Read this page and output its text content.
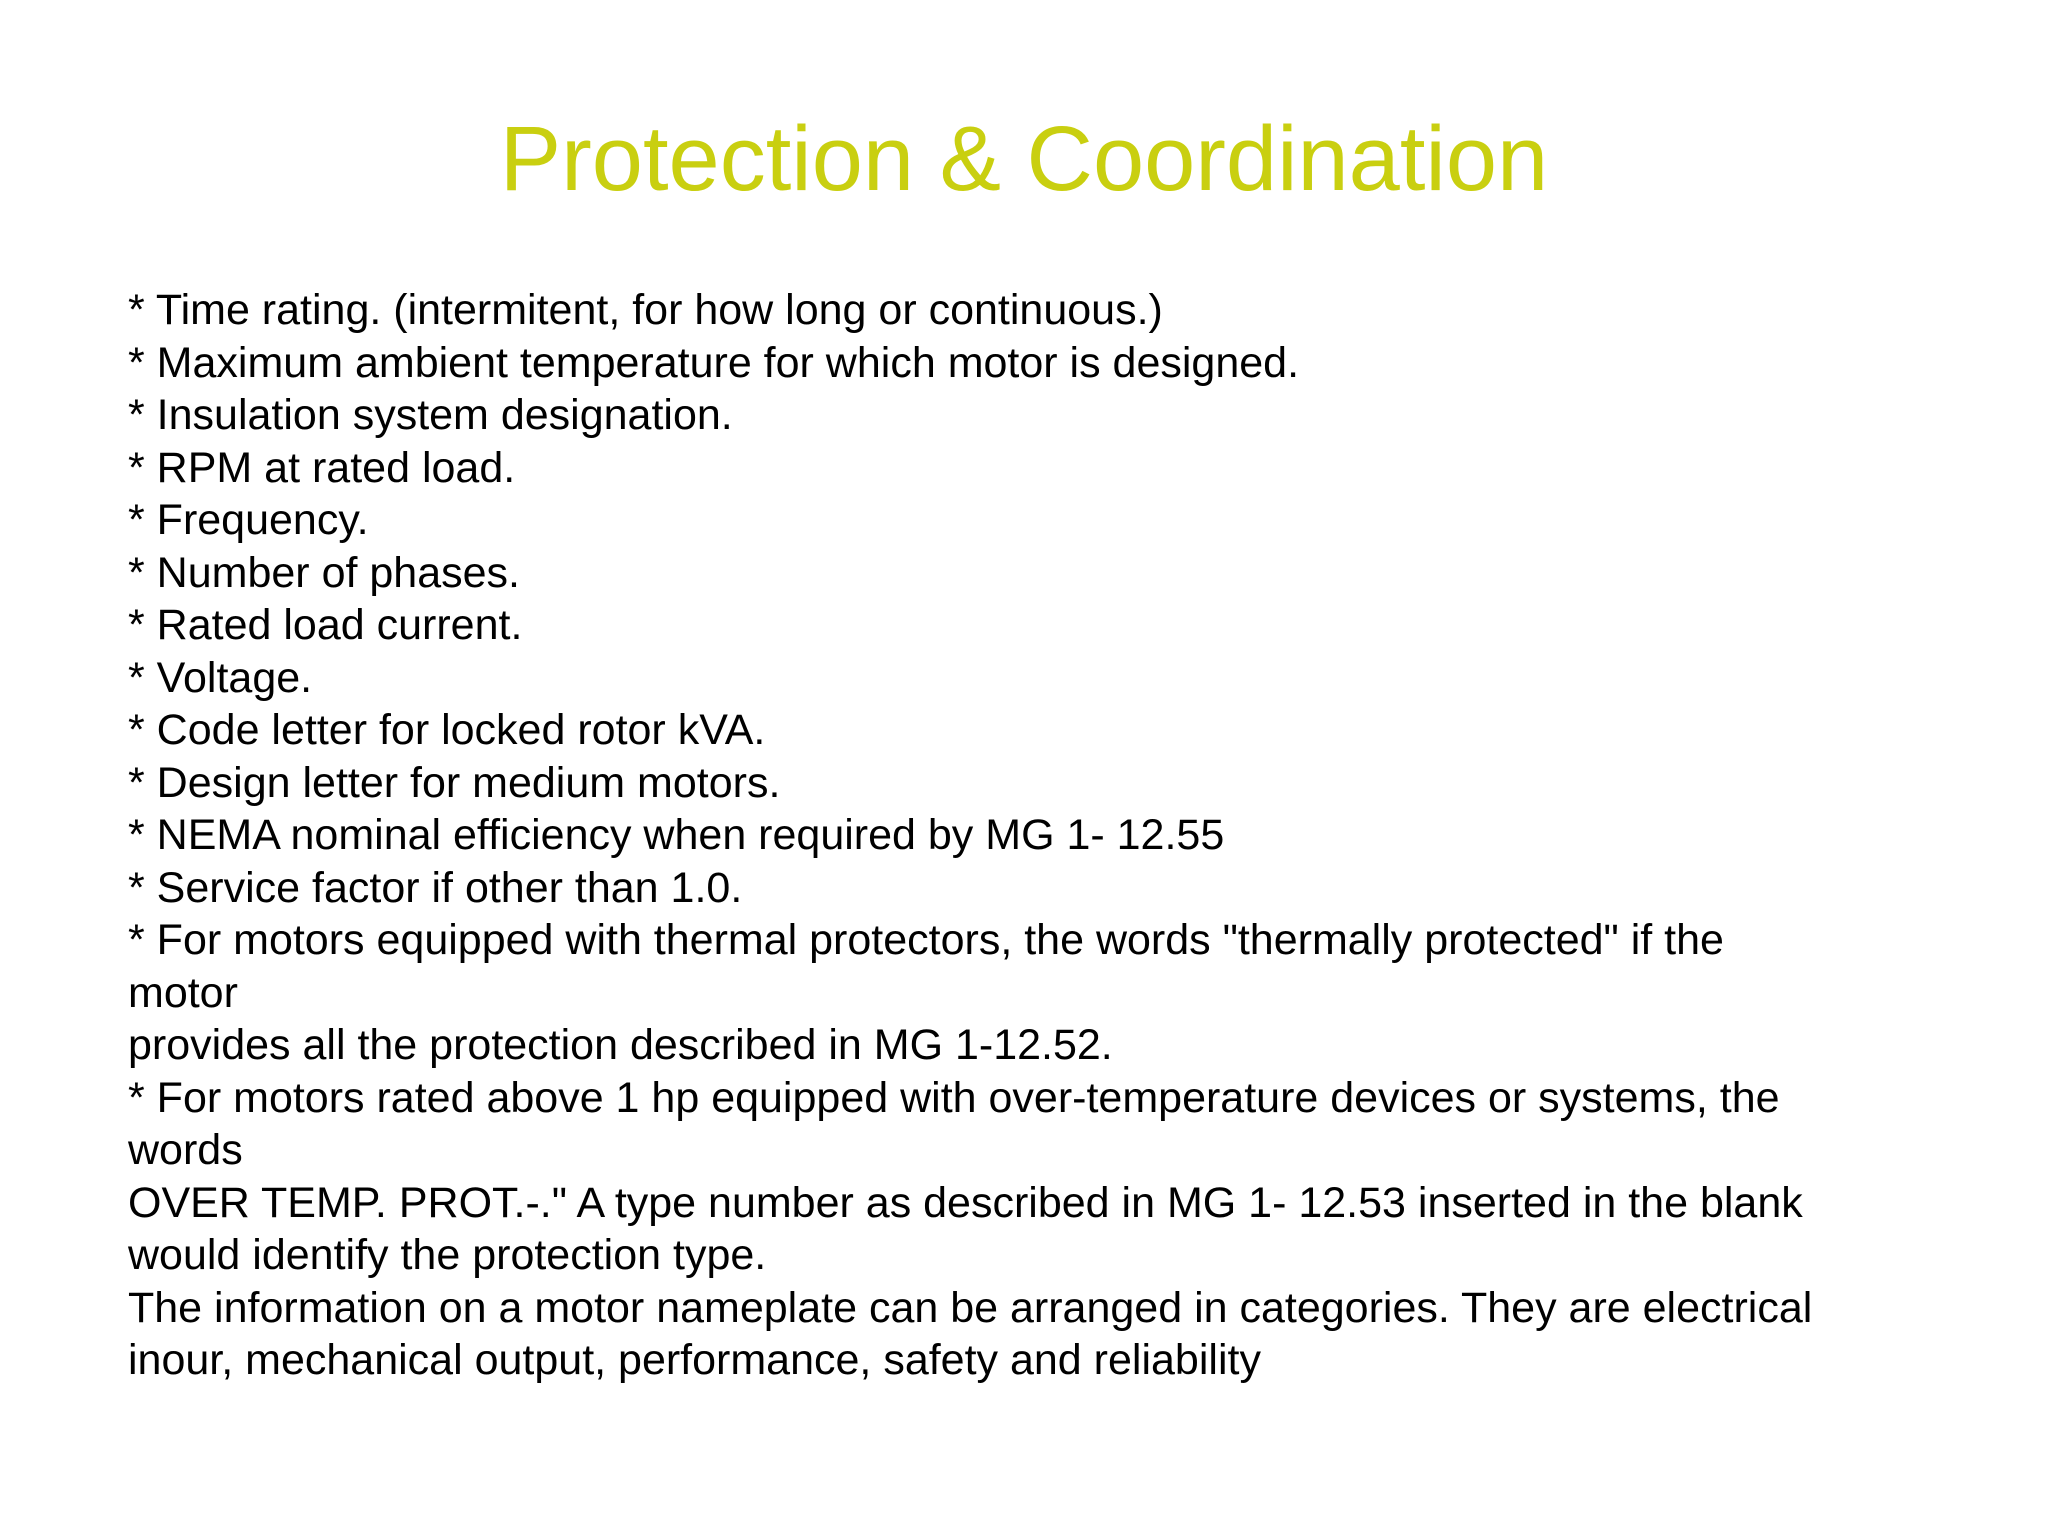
Protection & Coordination
* Time rating. (intermitent, for how long or continuous.)
* Maximum ambient temperature for which motor is designed.
* Insulation system designation.
* RPM at rated load.
* Frequency.
* Number of phases.
* Rated load current.
* Voltage.
* Code letter for locked rotor kVA.
* Design letter for medium motors.
* NEMA nominal efficiency when required by MG 1- 12.55
* Service factor if other than 1.0.
* For motors equipped with thermal protectors, the words "thermally protected" if the
motor
provides all the protection described in MG 1-12.52.
* For motors rated above 1 hp equipped with over-temperature devices or systems, the
words
OVER TEMP. PROT.-." A type number as described in MG 1- 12.53 inserted in the blank
would identify the protection type.
The information on a motor nameplate can be arranged in categories. They are electrical
inour, mechanical output, performance, safety and reliability
